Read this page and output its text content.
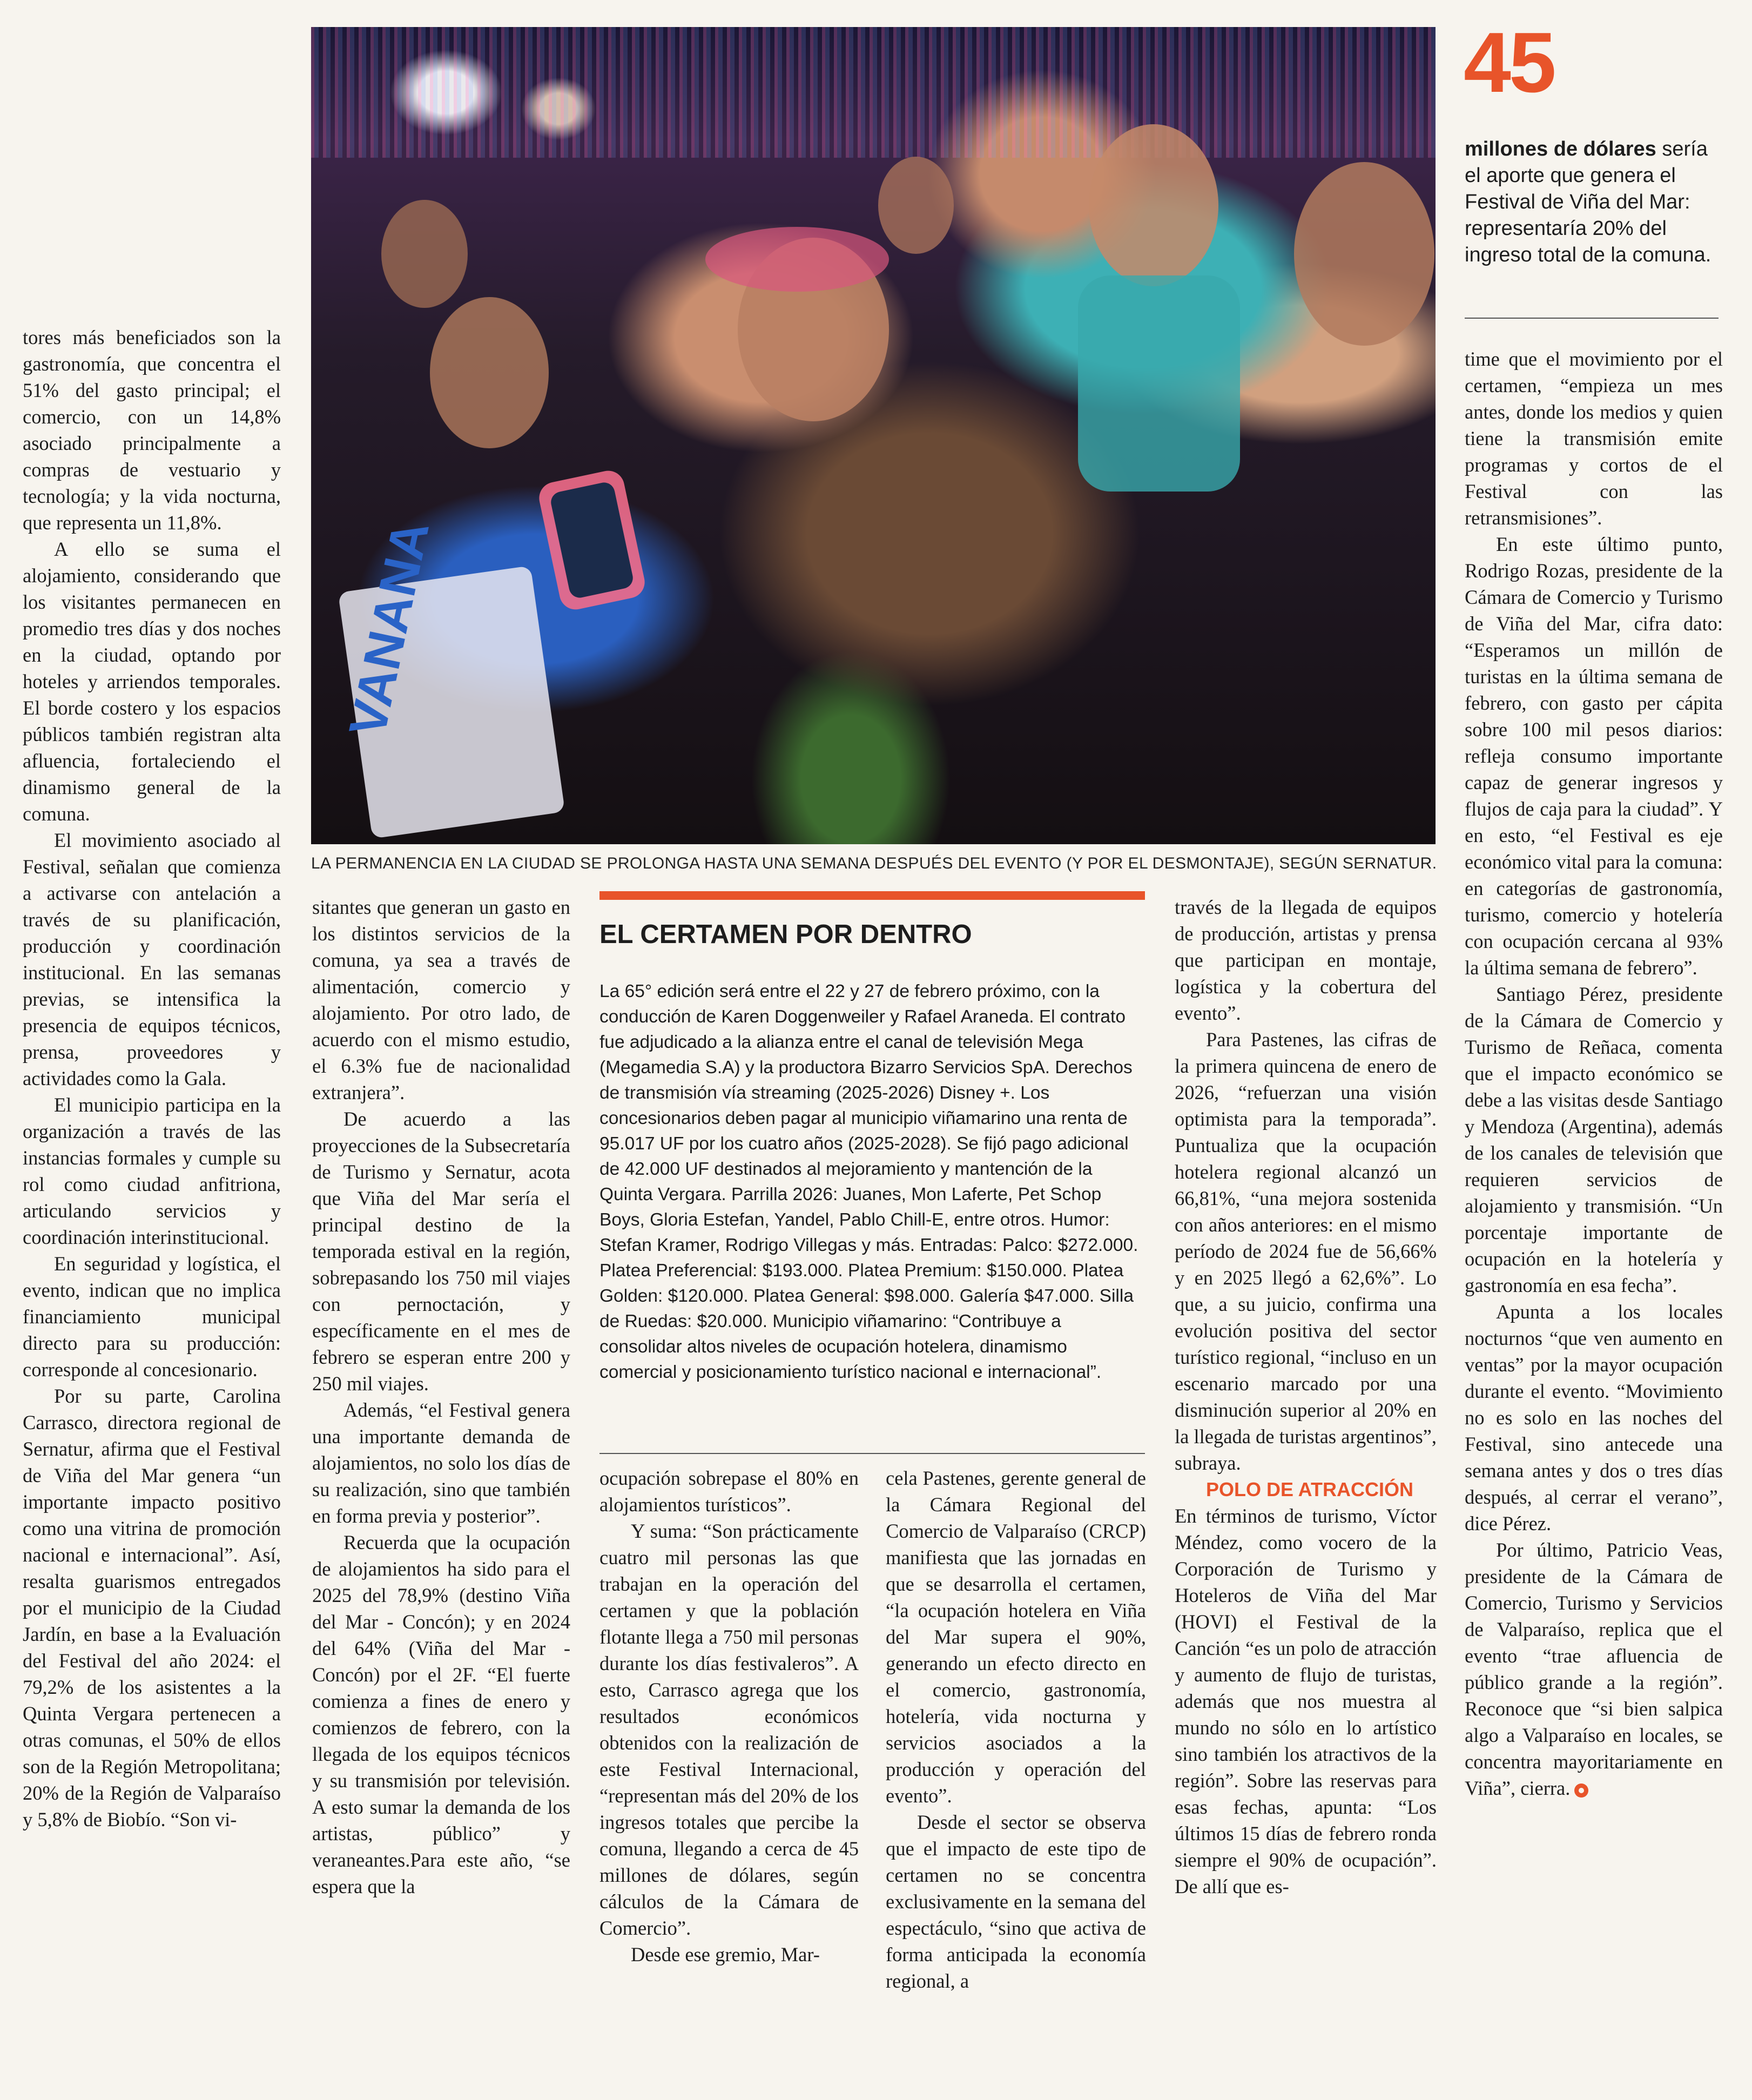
VANANA
LA PERMANENCIA EN LA CIUDAD SE PROLONGA HASTA UNA SEMANA DESPUÉS DEL EVENTO (Y POR EL DESMONTAJE), SEGÚN SERNATUR.
45
millones de dólares sería el aporte que genera el Festival de Viña del Mar: representaría 20% del ingreso total de la comuna.

tores más beneficiados son la gastronomía, que concentra el 51% del gasto principal; el comercio, con un 14,8% asociado principalmente a compras de vestuario y tecnología; y la vida nocturna, que representa un 11,8%.

A ello se suma el alojamiento, considerando que los visitantes permanecen en promedio tres días y dos noches en la ciudad, optando por hoteles y arriendos temporales. El borde costero y los espacios públicos también registran alta afluencia, fortaleciendo el dinamismo general de la comuna.

El movimiento asociado al Festival, señalan que comienza a activarse con antelación a través de su planificación, producción y coordinación institucional. En las semanas previas, se intensifica la presencia de equipos técnicos, prensa, proveedores y actividades como la Gala.

El municipio participa en la organización a través de las instancias formales y cumple su rol como ciudad anfitriona, articulando servicios y coordinación interinstitucional.

En seguridad y logística, el evento, indican que no implica financiamiento municipal directo para su producción: corresponde al concesionario.

Por su parte, Carolina Carrasco, directora regional de Sernatur, afirma que el Festival de Viña del Mar genera “un importante impacto positivo como una vitrina de promoción nacional e internacional”. Así, resalta guarismos entregados por el municipio de la Ciudad Jardín, en base a la Evaluación del Festival del año 2024: el 79,2% de los asistentes a la Quinta Vergara pertenecen a otras comunas, el 50% de ellos son de la Región Metropolitana; 20% de la Región de Valparaíso y 5,8% de Biobío. “Son vi-

sitantes que generan un gasto en los distintos servicios de la comuna, ya sea a través de alimentación, comercio y alojamiento. Por otro lado, de acuerdo con el mismo estudio, el 6.3% fue de nacionalidad extranjera”.

De acuerdo a las proyecciones de la Subsecretaría de Turismo y Sernatur, acota que Viña del Mar sería el principal destino de la temporada estival en la región, sobrepasando los 750 mil viajes con pernoctación, y específicamente en el mes de febrero se esperan entre 200 y 250 mil viajes.

Además, “el Festival genera una importante demanda de alojamientos, no solo los días de su realización, sino que también en forma previa y posterior”.

Recuerda que la ocupación de alojamientos ha sido para el 2025 del 78,9% (destino Viña del Mar - Concón); y en 2024 del 64% (Viña del Mar - Concón) por el 2F. “El fuerte comienza a fines de enero y comienzos de febrero, con la llegada de los equipos técnicos y su transmisión por televisión. A esto sumar la demanda de los artistas, público” y veraneantes.Para este año, “se espera que la

EL CERTAMEN POR DENTRO
La 65° edición será entre el 22 y 27 de febrero próximo, con la conducción de Karen Doggenweiler y Rafael Araneda. El contrato fue adjudicado a la alianza entre el canal de televisión Mega (Megamedia S.A) y la productora Bizarro Servicios SpA. Derechos de transmisión vía streaming (2025-2026) Disney +. Los concesionarios deben pagar al municipio viñamarino una renta de 95.017 UF por los cuatro años (2025-2028). Se fijó pago adicional de 42.000 UF destinados al mejoramiento y mantención de la Quinta Vergara. Parrilla 2026: Juanes, Mon Laferte, Pet Schop Boys, Gloria Estefan, Yandel, Pablo Chill-E, entre otros. Humor: Stefan Kramer, Rodrigo Villegas y más. Entradas: Palco: $272.000. Platea Preferencial: $193.000. Platea Premium: $150.000. Platea Golden: $120.000. Platea General: $98.000. Galería $47.000. Silla de Ruedas: $20.000. Municipio viñamarino: “Contribuye a consolidar altos niveles de ocupación hotelera, dinamismo comercial y posicionamiento turístico nacional e internacional”.

ocupación sobrepase el 80% en alojamientos turísticos”.

Y suma: “Son prácticamente cuatro mil personas las que trabajan en la operación del certamen y que la población flotante llega a 750 mil personas durante los días festivaleros”. A esto, Carrasco agrega que los resultados económicos obtenidos con la realización de este Festival Internacional, “representan más del 20% de los ingresos totales que percibe la comuna, llegando a cerca de 45 millones de dólares, según cálculos de la Cámara de Comercio”.

Desde ese gremio, Mar-

cela Pastenes, gerente general de la Cámara Regional del Comercio de Valparaíso (CRCP) manifiesta que las jornadas en que se desarrolla el certamen, “la ocupación hotelera en Viña del Mar supera el 90%, generando un efecto directo en el comercio, gastronomía, hotelería, vida nocturna y servicios asociados a la producción y operación del evento”.

Desde el sector se observa que el impacto de este tipo de certamen no se concentra exclusivamente en la semana del espectáculo, “sino que activa de forma anticipada la economía regional, a

través de la llegada de equipos de producción, artistas y prensa que participan en montaje, logística y la cobertura del evento”.

Para Pastenes, las cifras de la primera quincena de enero de 2026, “refuerzan una visión optimista para la temporada”. Puntualiza que la ocupación hotelera regional alcanzó un 66,81%, “una mejora sostenida con años anteriores: en el mismo período de 2024 fue de 56,66% y en 2025 llegó a 62,6%”. Lo que, a su juicio, confirma una evolución positiva del sector turístico regional, “incluso en un escenario marcado por una disminución superior al 20% en la llegada de turistas argentinos”, subraya.

POLO DE ATRACCIÓN

En términos de turismo, Víctor Méndez, como vocero de la Corporación de Turismo y Hoteleros de Viña del Mar (HOVI) el Festival de la Canción “es un polo de atracción y aumento de flujo de turistas, además que nos muestra al mundo no sólo en lo artístico sino también los atractivos de la región”. Sobre las reservas para esas fechas, apunta: “Los últimos 15 días de febrero ronda siempre el 90% de ocupación”. De allí que es-

time que el movimiento por el certamen, “empieza un mes antes, donde los medios y quien tiene la transmisión emite programas y cortos de el Festival con las retransmisiones”.

En este último punto, Rodrigo Rozas, presidente de la Cámara de Comercio y Turismo de Viña del Mar, cifra dato: “Esperamos un millón de turistas en la última semana de febrero, con gasto per cápita sobre 100 mil pesos diarios: refleja consumo importante capaz de generar ingresos y flujos de caja para la ciudad”. Y en esto, “el Festival es eje económico vital para la comuna: en categorías de gastronomía, turismo, comercio y hotelería con ocupación cercana al 93% la última semana de febrero”.

Santiago Pérez, presidente de la Cámara de Comercio y Turismo de Reñaca, comenta que el impacto económico se debe a las visitas desde Santiago y Mendoza (Argentina), además de los canales de televisión que requieren servicios de alojamiento y transmisión. “Un porcentaje importante de ocupación en la hotelería y gastronomía en esa fecha”.

Apunta a los locales nocturnos “que ven aumento en ventas” por la mayor ocupación durante el evento. “Movimiento no es solo en las noches del Festival, sino antecede una semana antes y dos o tres días después, al cerrar el verano”, dice Pérez.

Por último, Patricio Veas, presidente de la Cámara de Comercio, Turismo y Servicios de Valparaíso, replica que el evento “trae afluencia de público grande a la región”. Reconoce que “si bien salpica algo a Valparaíso en locales, se concentra mayoritariamente en Viña”, cierra.
